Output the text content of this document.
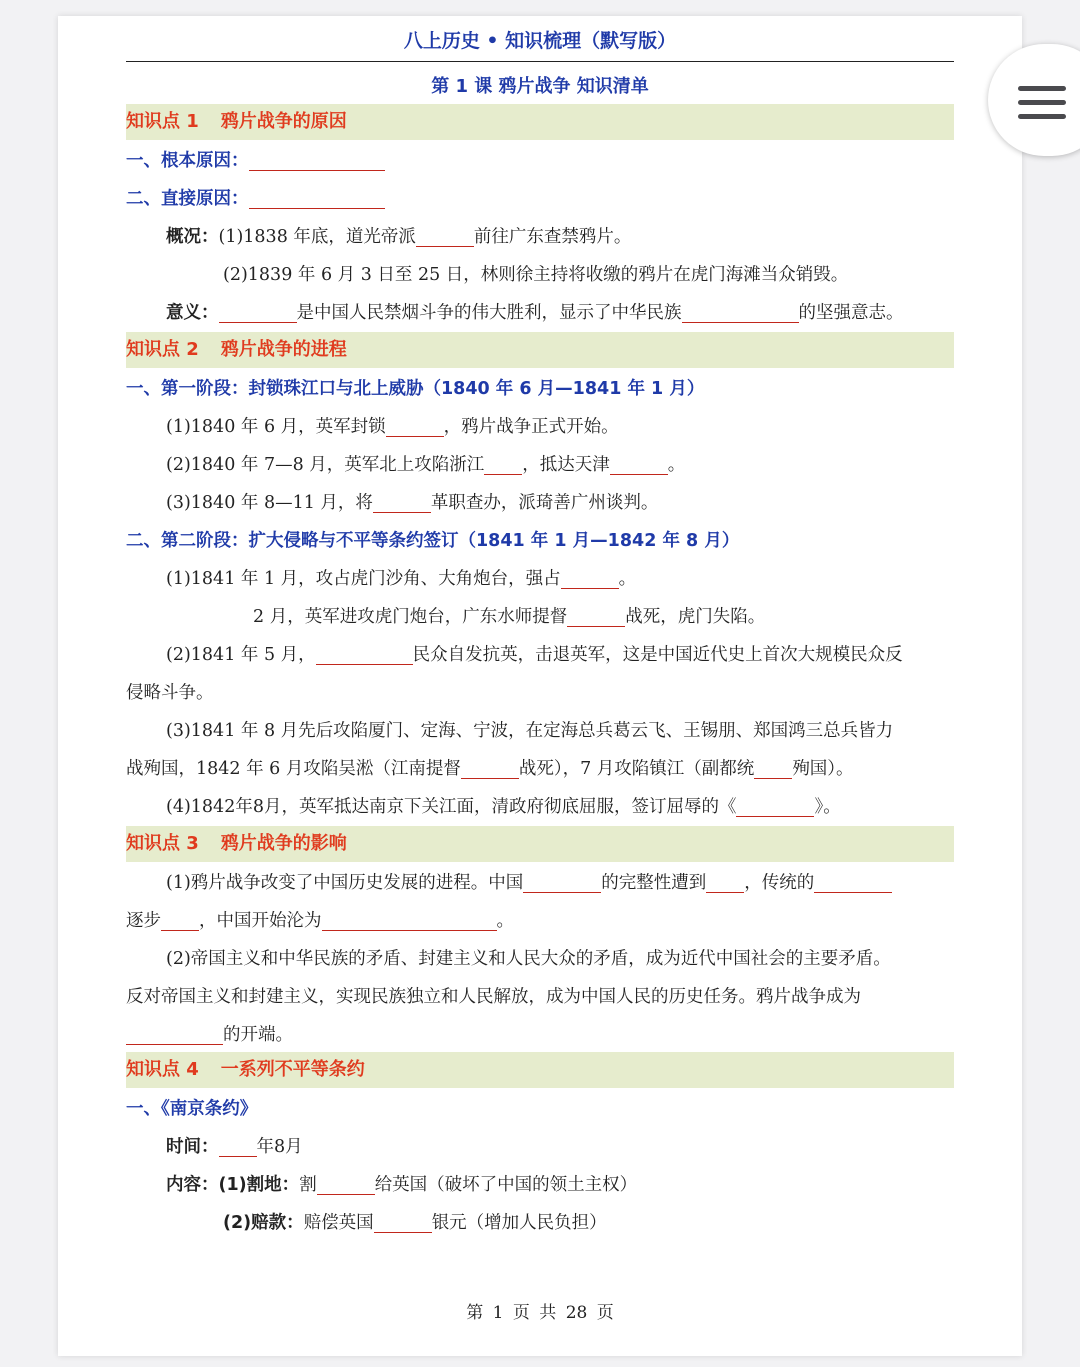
八上历史 • 知识梳理（默写版）
第 1 课 鸦片战争 知识清单
知识点 1 鸦片战争的原因
一、根本原因：
二、直接原因：
概况：(1)1838 年底，道光帝派	前往广东查禁鸦片。
(2)1839 年 6 月 3 日至 25 日，林则徐主持将收缴的鸦片在虎门海滩当众销毁。
意义：	是中国人民禁烟斗争的伟大胜利，显示了中华民族	的坚强意志。
知识点 2 鸦片战争的进程
一、第一阶段：封锁珠江口与北上威胁（1840 年 6 月—1841 年 1 月）
(1)1840 年 6 月，英军封锁	，鸦片战争正式开始。
(2)1840 年 7—8 月，英军北上攻陷浙江 ，抵达天津	。
(3)1840 年 8—11 月，将	革职查办，派琦善广州谈判。
二、第二阶段：扩大侵略与不平等条约签订（1841 年 1 月—1842 年 8 月）
(1)1841 年 1 月，攻占虎门沙角、大角炮台，强占	。
2 月，英军进攻虎门炮台，广东水师提督	战死，虎门失陷。
(2)1841 年 5 月，	民众自发抗英，击退英军，这是中国近代史上首次大规模民众反
侵略斗争。
(3)1841 年 8 月先后攻陷厦门、定海、宁波，在定海总兵葛云飞、王锡朋、郑国鸿三总兵皆力
战殉国，1842 年 6 月攻陷吴淞（江南提督	战死），7 月攻陷镇江（副都统 殉国）。
(4)1842年8月，英军抵达南京下关江面，清政府彻底屈服，签订屈辱的《	》。
知识点 3 鸦片战争的影响
(1)鸦片战争改变了中国历史发展的进程。中国	的完整性遭到 ，传统的
逐步 ，中国开始沦为	。
(2)帝国主义和中华民族的矛盾、封建主义和人民大众的矛盾，成为近代中国社会的主要矛盾。
反对帝国主义和封建主义，实现民族独立和人民解放，成为中国人民的历史任务。鸦片战争成为
的开端。
知识点 4 一系列不平等条约
一、《南京条约》
时间： 年8月
内容：(1)割地：割	给英国（破坏了中国的领土主权）
(2)赔款：赔偿英国	银元（增加人民负担）
第 1 页 共 28 页
